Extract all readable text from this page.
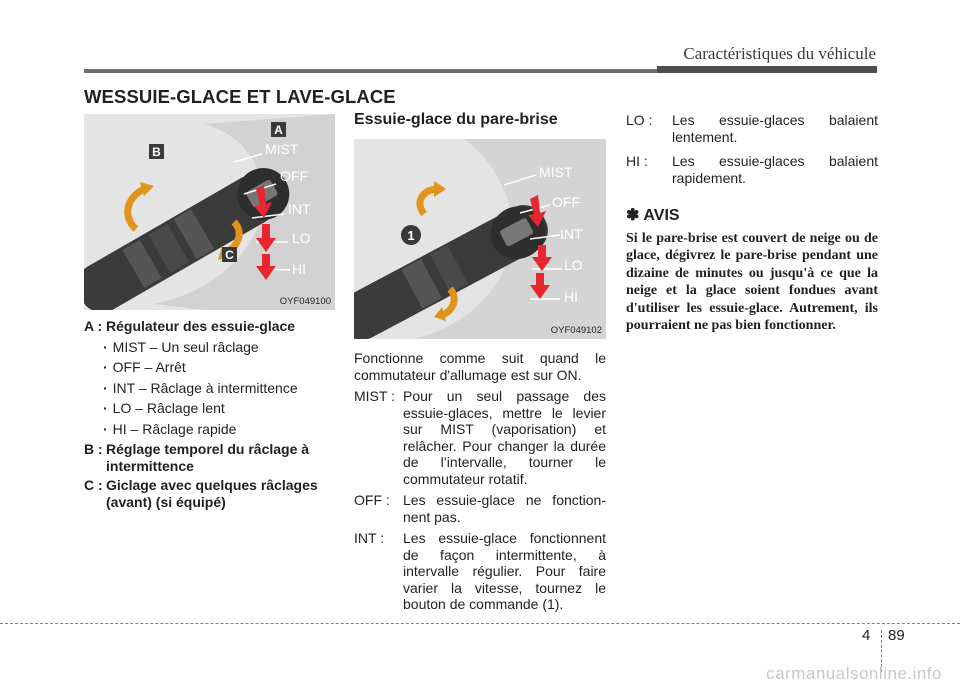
Caractéristiques du véhicule
WESSUIE-GLACE ET LAVE-GLACE
A
B
C
MIST
OFF
INT
LO
HI
OYF049100
A : Régulateur des essuie-glace
· MIST – Un seul râclage
· OFF – Arrêt
· INT – Râclage à intermittence
· LO – Râclage lent
· HI – Râclage rapide
B : Réglage temporel du râclage à intermittence
C : Giclage avec quelques râclages (avant) (si équipé)
Essuie-glace du pare-brise
1
MIST
OFF
INT
LO
HI
OYF049102
Fonctionne comme suit quand le commutateur d'allumage est sur ON.
MIST : Pour un seul passage des essuie-glaces, mettre le levier sur MIST (vaporisation) et relâcher. Pour changer la durée de l’intervalle, tourner le commutateur rotatif.
OFF : Les essuie-glace ne fonction- nent pas.
INT :	Les essuie-glace fonctionnent de façon intermittente, à intervalle régulier. Pour faire varier la vitesse, tournez le bouton de commande (1).
LO :	Les essuie-glaces balaient lentement.
HI :	Les essuie-glaces balaient rapidement.
✽ AVIS
Si le pare-brise est couvert de neige ou de glace, dégivrez le pare-brise pendant une dizaine de minutes ou jusqu'à ce que la neige et la glace soient fondues avant d'utiliser les essuie-glace. Autrement, ils pourraient ne pas bien fonctionner.
4 89
carmanualsonline.info
